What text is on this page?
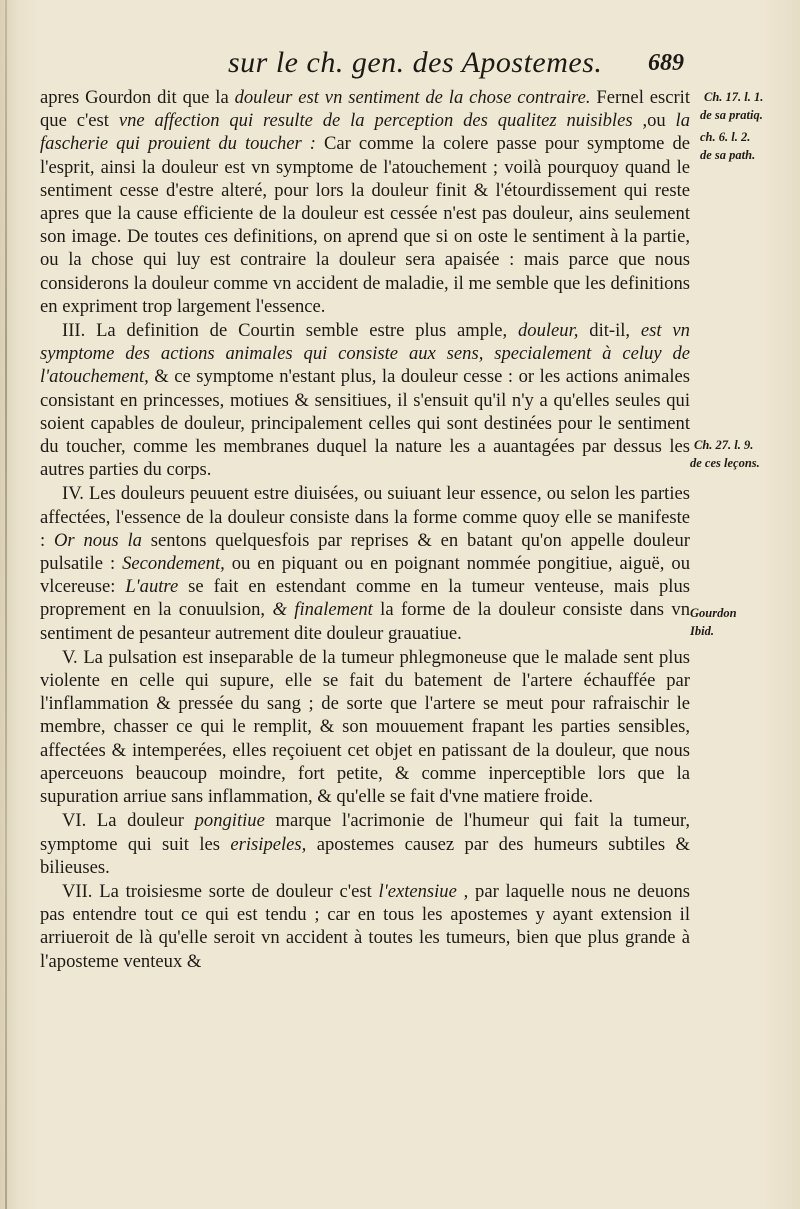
sur le ch. gen. des Apostemes. 689

apres Gourdon dit que la douleur est vn sentiment de la chose contraire. Fernel escrit que c'est vne affection qui resulte de la perception des qualitez nuisibles ,ou la fascherie qui prouient du toucher : Car comme la colere passe pour symptome de l'esprit, ainsi la douleur est vn symptome de l'atouchement ; voilà pourquoy quand le sentiment cesse d'estre alteré, pour lors la douleur finit & l'étourdissement qui reste apres que la cause efficiente de la douleur est cessée n'est pas douleur, ains seulement son image. De toutes ces definitions, on aprend que si on oste le sentiment à la partie, ou la chose qui luy est contraire la douleur sera apaisée : mais parce que nous considerons la douleur comme vn accident de maladie, il me semble que les definitions en expriment trop largement l'essence.

III. La definition de Courtin semble estre plus ample, douleur, dit-il, est vn symptome des actions animales qui consiste aux sens, specialement à celuy de l'atouchement, & ce symptome n'estant plus, la douleur cesse : or les actions animales consistant en princesses, motiues & sensitiues, il s'ensuit qu'il n'y a qu'elles seules qui soient capables de douleur, principalement celles qui sont destinées pour le sentiment du toucher, comme les membranes duquel la nature les a auantagées par dessus les autres parties du corps.

IV. Les douleurs peuuent estre diuisées, ou suiuant leur essence, ou selon les parties affectées, l'essence de la douleur consiste dans la forme comme quoy elle se manifeste : Or nous la sentons quelquesfois par reprises & en batant qu'on appelle douleur pulsatile : Secondement, ou en piquant ou en poignant nommée pongitiue, aiguë, ou vlcereuse: L'autre se fait en estendant comme en la tumeur venteuse, mais plus proprement en la conuulsion, & finalement la forme de la douleur consiste dans vn sentiment de pesanteur autrement dite douleur grauatiue.

V. La pulsation est inseparable de la tumeur phlegmoneuse que le malade sent plus violente en celle qui supure, elle se fait du batement de l'artere échauffée par l'inflammation & pressée du sang ; de sorte que l'artere se meut pour rafraischir le membre, chasser ce qui le remplit, & son mouuement frapant les parties sensibles, affectées & intemperées, elles reçoiuent cet objet en patissant de la douleur, que nous aperceuons beaucoup moindre, fort petite, & comme inperceptible lors que la supuration arriue sans inflammation, & qu'elle se fait d'vne matiere froide.

VI. La douleur pongitiue marque l'acrimonie de l'humeur qui fait la tumeur, symptome qui suit les erisipeles, apostemes causez par des humeurs subtiles & bilieuses.

VII. La troisiesme sorte de douleur c'est l'extensiue , par laquelle nous ne deuons pas entendre tout ce qui est tendu ; car en tous les apostemes y ayant extension il arriueroit de là qu'elle seroit vn accident à toutes les tumeurs, bien que plus grande à l'aposteme venteux &

Ch. 17. l. 1.
de sa pratiq.
ch. 6. l. 2.
de sa path.
Ch. 27. l. 9.
de ces leçons.
Gourdon
Ibid.
